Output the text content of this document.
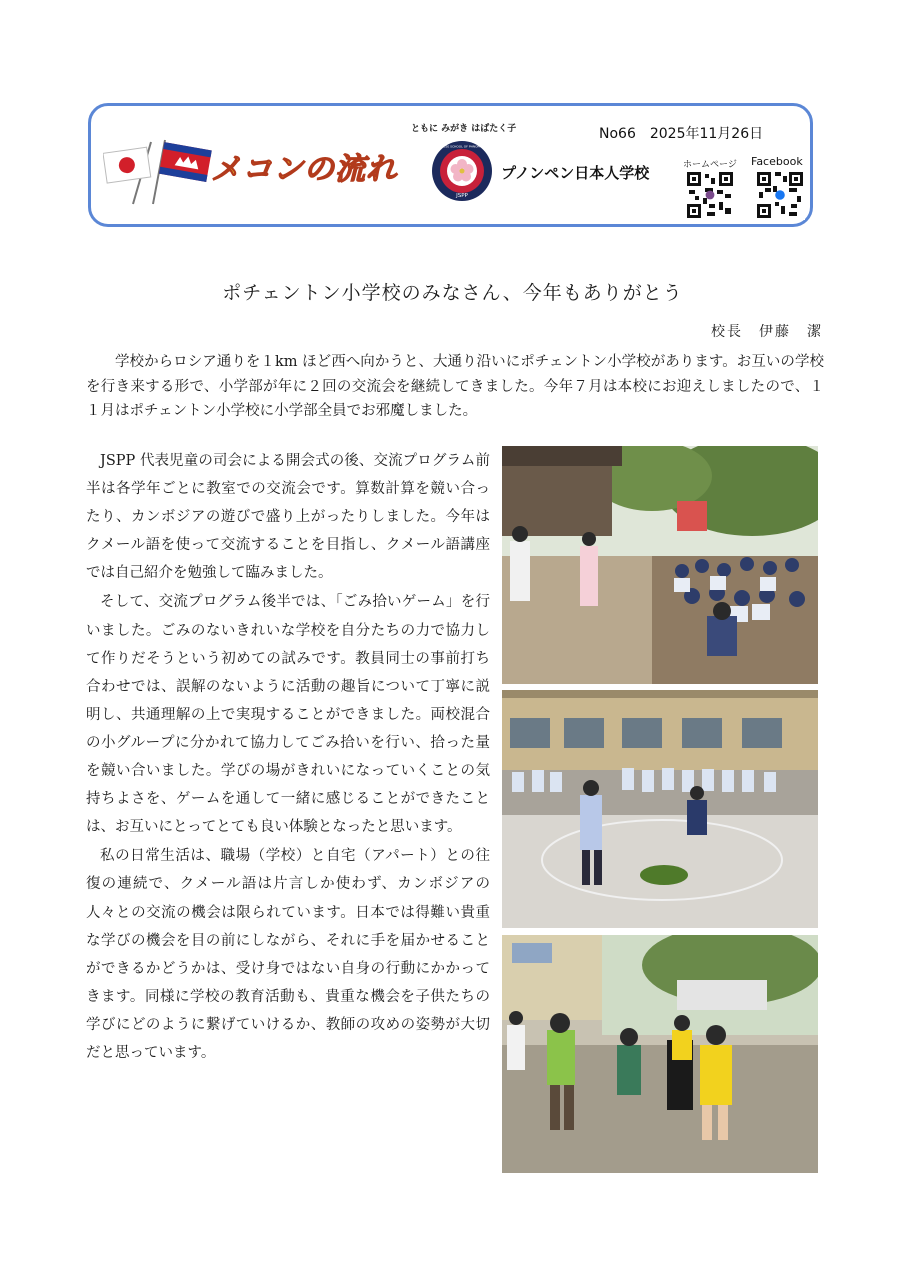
メコンの流れ
ともに みがき はばたく子
JSPP
JAPANESE SCHOOL OF PHNOM PENH
プノンペン日本人学校
No66　2025年11月26日
ホームページ Facebook
ポチェントン小学校のみなさん、今年もありがとう
校長　伊藤　潔
学校からロシア通りを１km ほど西へ向かうと、大通り沿いにポチェントン小学校があります。お互いの学校を行き来する形で、小学部が年に２回の交流会を継続してきました。今年７月は本校にお迎えしましたので、１１月はポチェントン小学校に小学部全員でお邪魔しました。

JSPP 代表児童の司会による開会式の後、交流プログラム前半は各学年ごとに教室での交流会です。算数計算を競い合ったり、カンボジアの遊びで盛り上がったりしました。今年はクメール語を使って交流することを目指し、クメール語講座では自己紹介を勉強して臨みました。

そして、交流プログラム後半では、「ごみ拾いゲーム」を行いました。ごみのないきれいな学校を自分たちの力で協力して作りだそうという初めての試みです。教員同士の事前打ち合わせでは、誤解のないように活動の趣旨について丁寧に説明し、共通理解の上で実現することができました。両校混合の小グループに分かれて協力してごみ拾いを行い、拾った量を競い合いました。学びの場がきれいになっていくことの気持ちよさを、ゲームを通して一緒に感じることができたことは、お互いにとってとても良い体験となったと思います。

私の日常生活は、職場（学校）と自宅（アパート）との往復の連続で、クメール語は片言しか使わず、カンボジアの人々との交流の機会は限られています。日本では得難い貴重な学びの機会を目の前にしながら、それに手を届かせることができるかどうかは、受け身ではない自身の行動にかかってきます。同様に学校の教育活動も、貴重な機会を子供たちの学びにどのように繋げていけるか、教師の攻めの姿勢が大切だと思っています。
